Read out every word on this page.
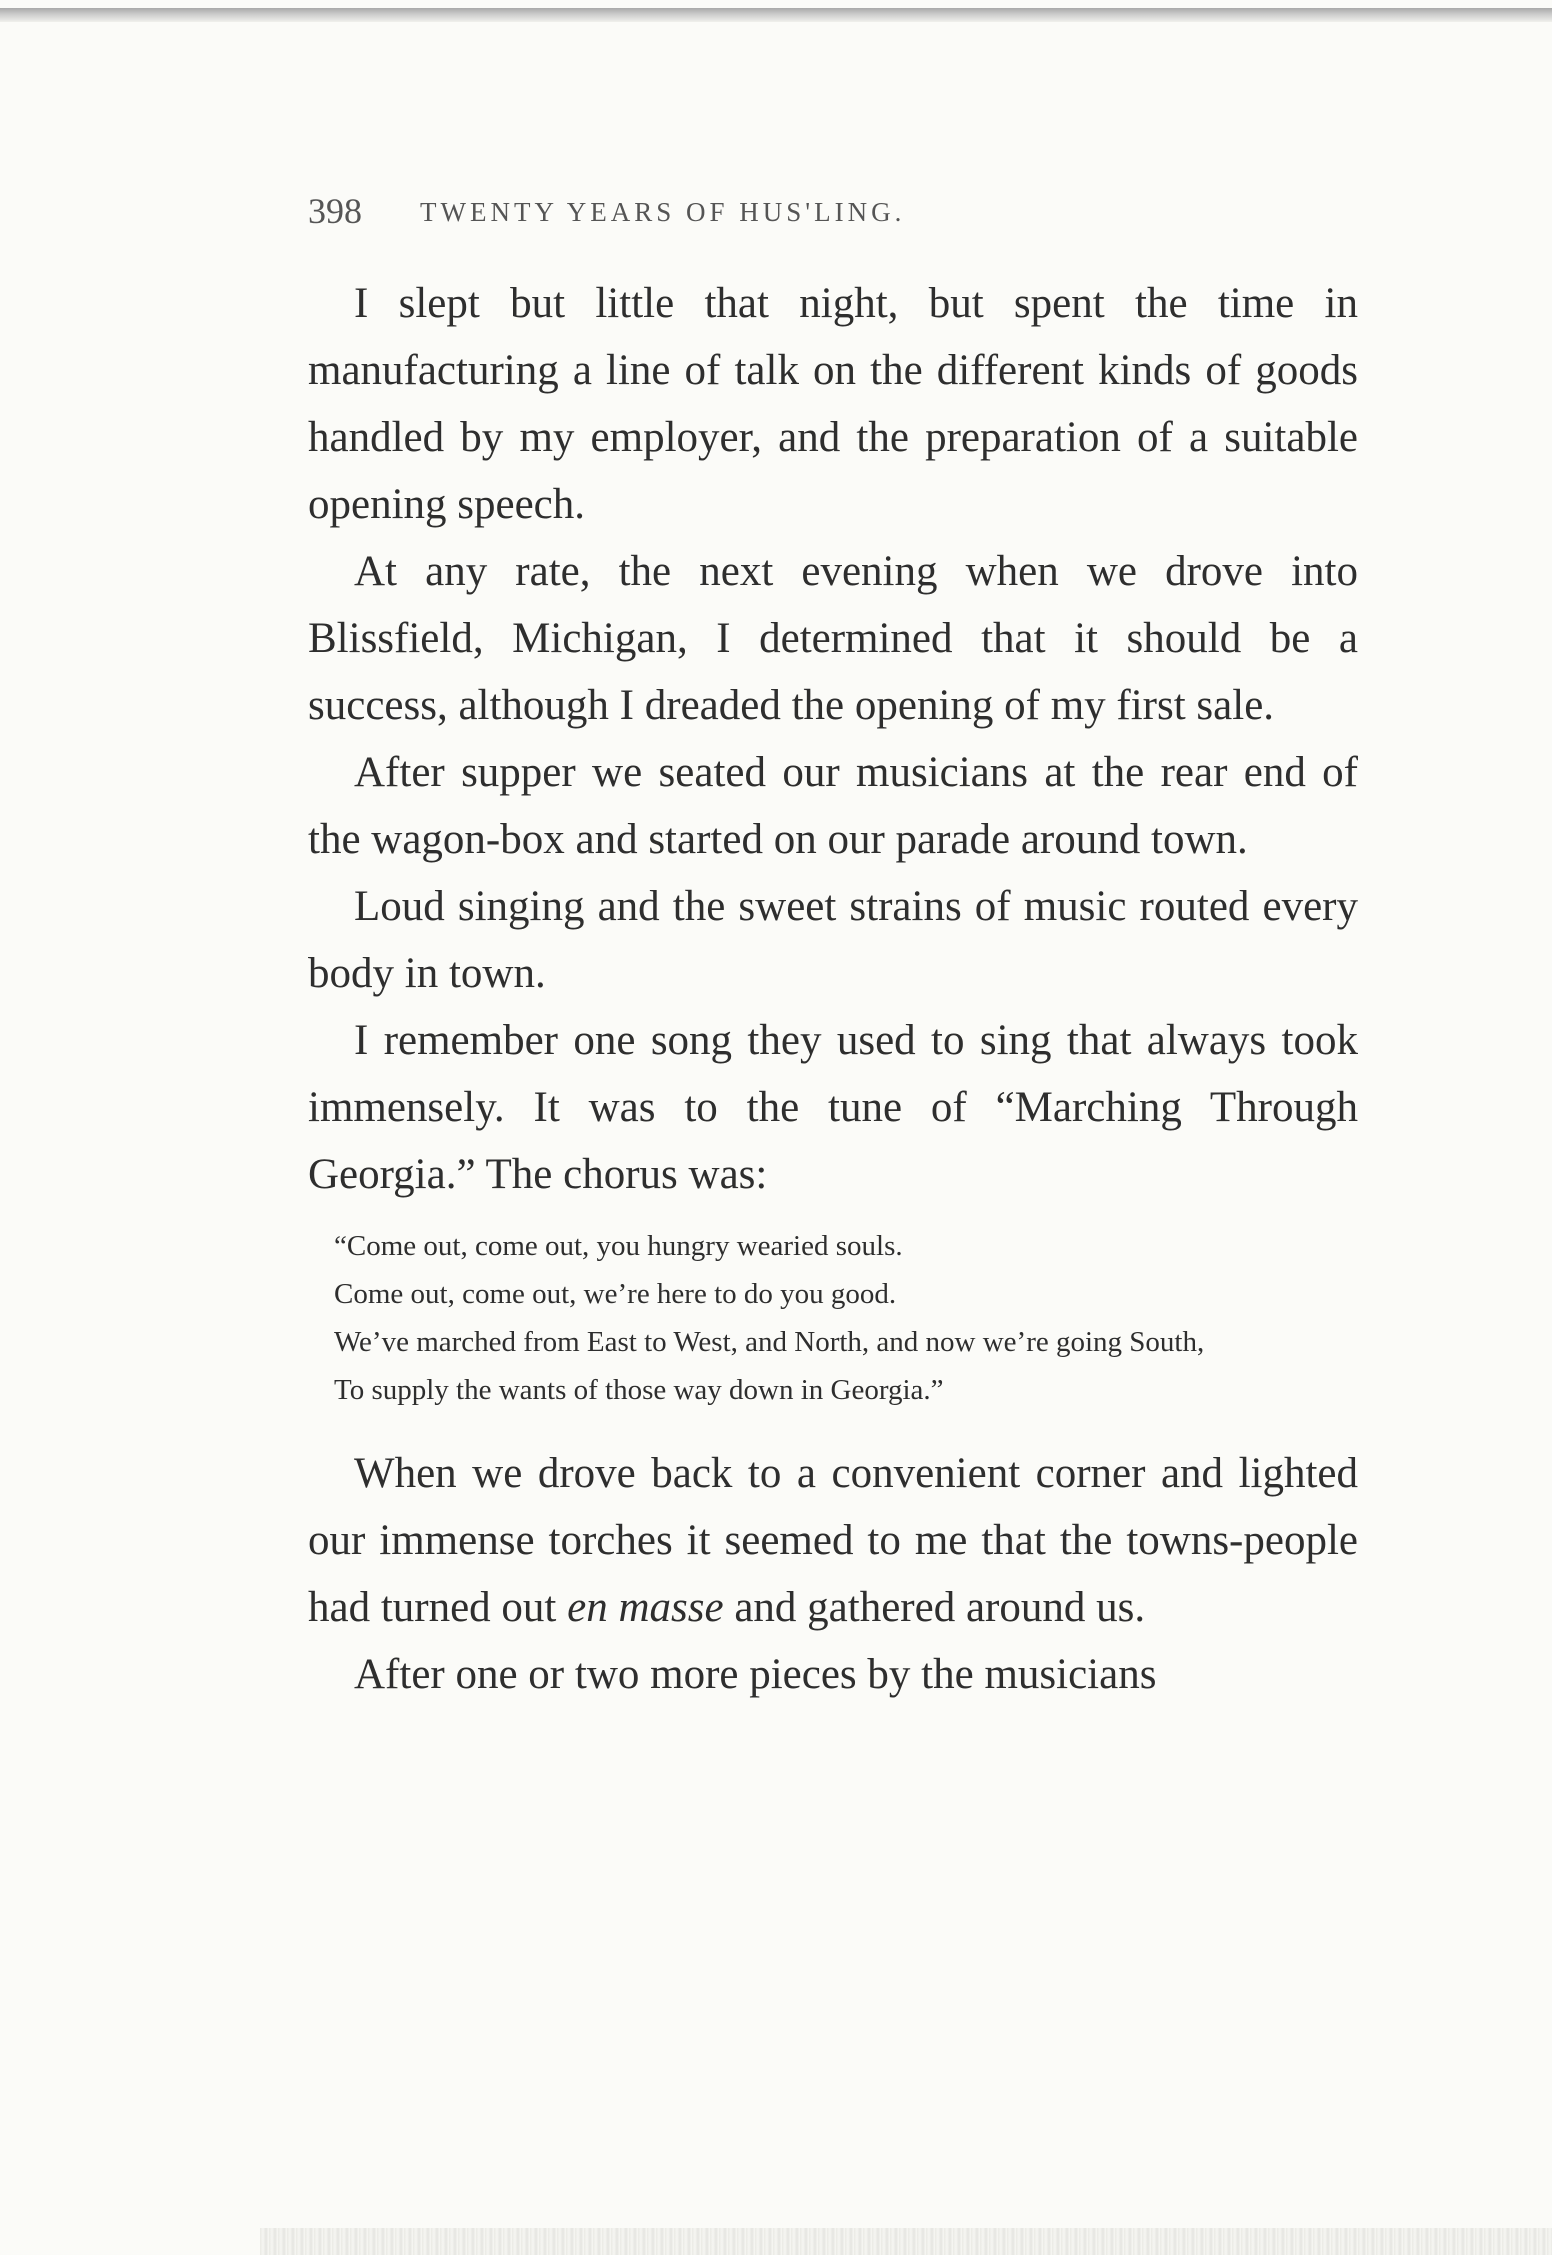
398 TWENTY YEARS OF HUS'LING.

I slept but little that night, but spent the time in manufacturing a line of talk on the different kinds of goods handled by my employer, and the preparation of a suitable opening speech.

At any rate, the next evening when we drove into Blissfield, Michigan, I determined that it should be a success, although I dreaded the opening of my first sale.

After supper we seated our musicians at the rear end of the wagon-box and started on our parade around town.

Loud singing and the sweet strains of music routed every body in town.

I remember one song they used to sing that always took immensely. It was to the tune of “Marching Through Georgia.” The chorus was:

“Come out, come out, you hungry wearied souls.
Come out, come out, we’re here to do you good.
We’ve marched from East to West, and North, and now we’re going South,
To supply the wants of those way down in Georgia.”

When we drove back to a convenient corner and lighted our immense torches it seemed to me that the towns-people had turned out en masse and gathered around us.

After one or two more pieces by the musicians
